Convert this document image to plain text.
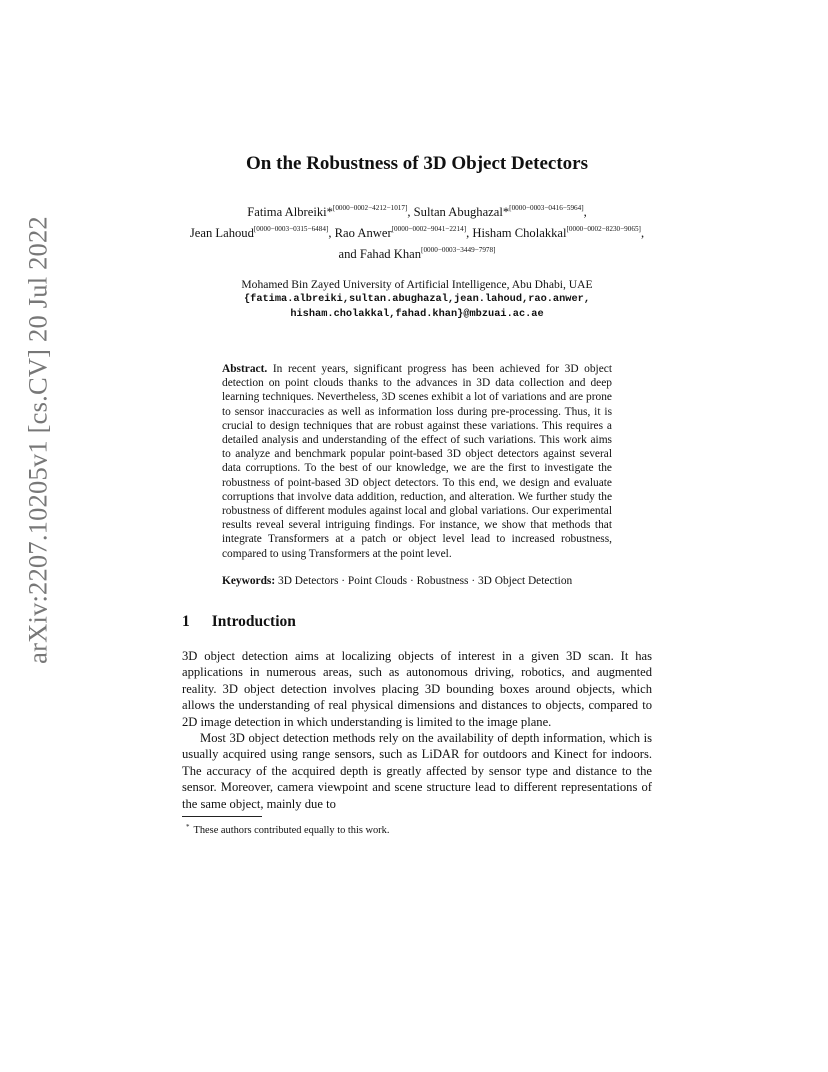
arXiv:2207.10205v1 [cs.CV] 20 Jul 2022
On the Robustness of 3D Object Detectors
Fatima Albreiki*[0000−0002−4212−1017], Sultan Abughazal*[0000−0003−0416−5964],
Jean Lahoud[0000−0003−0315−6484], Rao Anwer[0000−0002−9041−2214], Hisham Cholakkal[0000−0002−8230−9065], and Fahad Khan[0000−0003−3449−7978]
Mohamed Bin Zayed University of Artificial Intelligence, Abu Dhabi, UAE
{fatima.albreiki,sultan.abughazal,jean.lahoud,rao.anwer,
hisham.cholakkal,fahad.khan}@mbzuai.ac.ae
Abstract. In recent years, significant progress has been achieved for 3D object detection on point clouds thanks to the advances in 3D data collection and deep learning techniques. Nevertheless, 3D scenes exhibit a lot of variations and are prone to sensor inaccuracies as well as information loss during pre-processing. Thus, it is crucial to design techniques that are robust against these variations. This requires a detailed analysis and understanding of the effect of such variations. This work aims to analyze and benchmark popular point-based 3D object detectors against several data corruptions. To the best of our knowledge, we are the first to investigate the robustness of point-based 3D object detectors. To this end, we design and evaluate corruptions that involve data addition, reduction, and alteration. We further study the robustness of different modules against local and global variations. Our experimental results reveal several intriguing findings. For instance, we show that methods that integrate Transformers at a patch or object level lead to increased robustness, compared to using Transformers at the point level.
Keywords: 3D Detectors · Point Clouds · Robustness · 3D Object Detection
1 Introduction

3D object detection aims at localizing objects of interest in a given 3D scan. It has applications in numerous areas, such as autonomous driving, robotics, and augmented reality. 3D object detection involves placing 3D bounding boxes around objects, which allows the understanding of real physical dimensions and distances to objects, compared to 2D image detection in which understanding is limited to the image plane.

Most 3D object detection methods rely on the availability of depth information, which is usually acquired using range sensors, such as LiDAR for outdoors and Kinect for indoors. The accuracy of the acquired depth is greatly affected by sensor type and distance to the sensor. Moreover, camera viewpoint and scene structure lead to different representations of the same object, mainly due to

* These authors contributed equally to this work.
